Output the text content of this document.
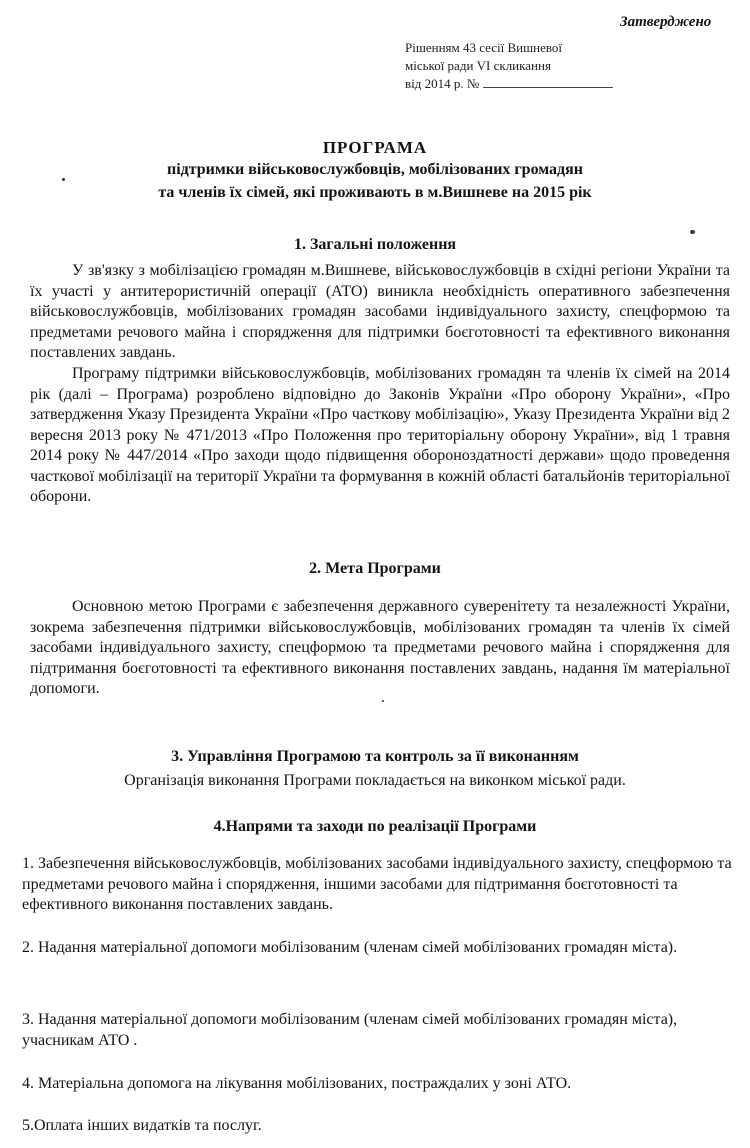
Затверджено
Рішенням 43 сесії Вишневої
міської ради VI скликання
від 2014 р. №
ПРОГРАМА
підтримки військовослужбовців, мобілізованих громадян
та членів їх сімей, які проживають в м.Вишневе на 2015 рік
1. Загальні положення

У зв'язку з мобілізацією громадян м.Вишневе, військовослужбовців в східні регіони України та їх участі у антитерористичній операції (АТО) виникла необхідність оперативного забезпечення військовослужбовців, мобілізованих громадян засобами індивідуального захисту, спецформою та предметами речового майна і спорядження для підтримки боєготовності та ефективного виконання поставлених завдань.

Програму підтримки військовослужбовців, мобілізованих громадян та членів їх сімей на 2014 рік (далі – Програма) розроблено відповідно до Законів України «Про оборону України», «Про затвердження Указу Президента України «Про часткову мобілізацію», Указу Президента України від 2 вересня 2013 року № 471/2013 «Про Положення про територіальну оборону України», від 1 травня 2014 року № 447/2014 «Про заходи щодо підвищення обороноздатності держави» щодо проведення часткової мобілізації на території України та формування в кожній області батальйонів територіальної оборони.

2. Мета Програми

Основною метою Програми є забезпечення державного суверенітету та незалежності України, зокрема забезпечення підтримки військовослужбовців, мобілізованих громадян та членів їх сімей засобами індивідуального захисту, спецформою та предметами речового майна і спорядження для підтримання боєготовності та ефективного виконання поставлених завдань, надання їм матеріальної допомоги.

3. Управління Програмою та контроль за її виконанням
Організація виконання Програми покладається на виконком міської ради.
4.Напрями та заходи по реалізації Програми

1. Забезпечення військовослужбовців, мобілізованих засобами індивідуального захисту, спецформою та предметами речового майна і спорядження, іншими засобами для підтримання боєготовності та ефективного виконання поставлених завдань.

2. Надання матеріальної допомоги мобілізованим (членам сімей мобілізованих громадян міста).

3. Надання матеріальної допомоги мобілізованим (членам сімей мобілізованих громадян міста), учасникам АТО .

4. Матеріальна допомога на лікування мобілізованих, постраждалих у зоні АТО.

5.Оплата інших видатків та послуг.
